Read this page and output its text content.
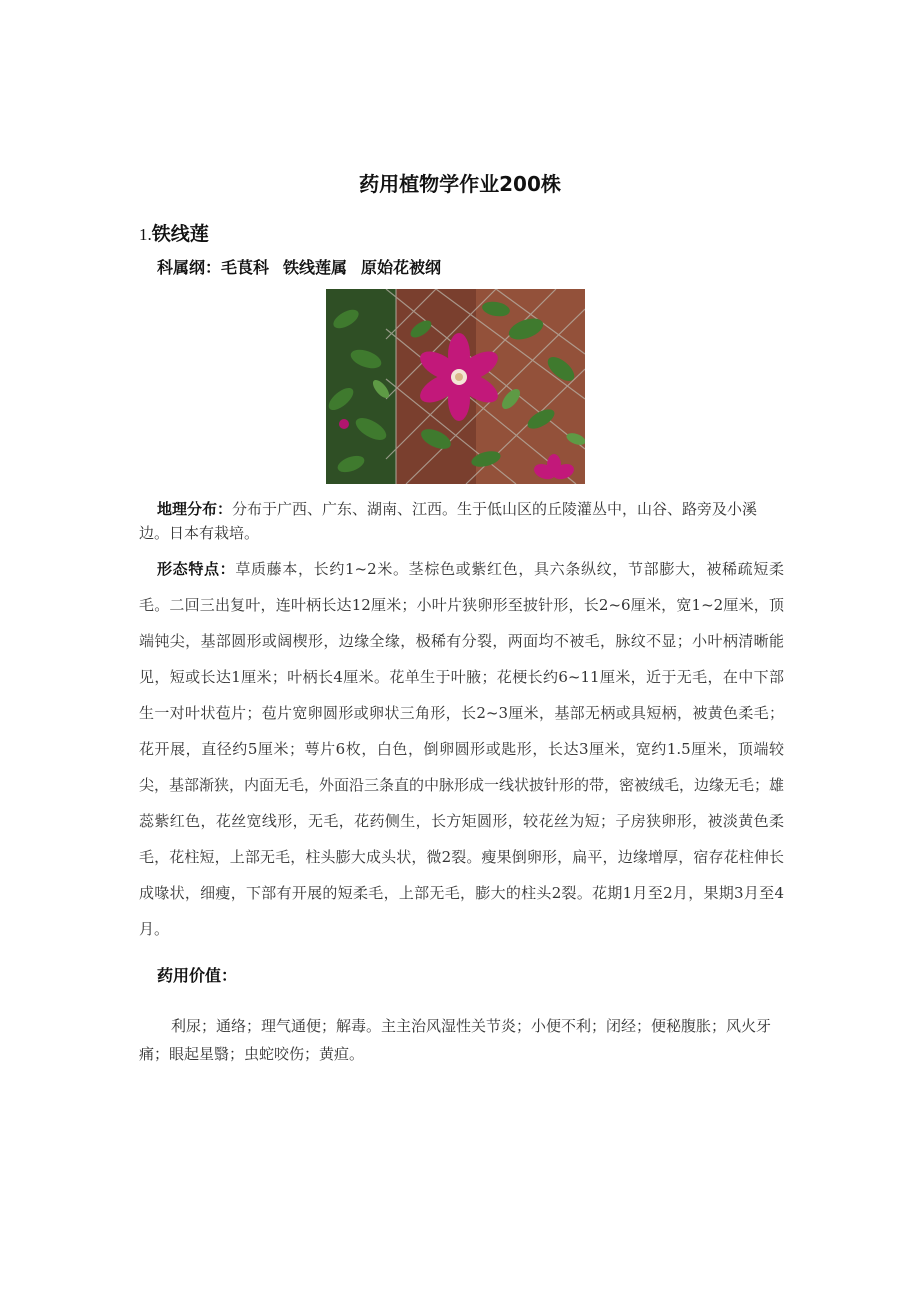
药用植物学作业200株
1.铁线莲
科属纲：毛茛科 铁线莲属 原始花被纲

地理分布：分布于广西、广东、湖南、江西。生于低山区的丘陵灌丛中，山谷、路旁及小溪边。日本有栽培。

形态特点：草质藤本，长约1~2米。茎棕色或紫红色，具六条纵纹，节部膨大，被稀疏短柔毛。二回三出复叶，连叶柄长达12厘米；小叶片狭卵形至披针形，长2~6厘米，宽1~2厘米，顶端钝尖，基部圆形或阔楔形，边缘全缘，极稀有分裂，两面均不被毛，脉纹不显；小叶柄清晰能见，短或长达1厘米；叶柄长4厘米。花单生于叶腋；花梗长约6~11厘米，近于无毛，在中下部生一对叶状苞片；苞片宽卵圆形或卵状三角形，长2~3厘米，基部无柄或具短柄，被黄色柔毛；花开展，直径约5厘米；萼片6枚，白色，倒卵圆形或匙形，长达3厘米，宽约1.5厘米，顶端较尖，基部渐狭，内面无毛，外面沿三条直的中脉形成一线状披针形的带，密被绒毛，边缘无毛；雄蕊紫红色，花丝宽线形，无毛，花药侧生，长方矩圆形，较花丝为短；子房狭卵形，被淡黄色柔毛，花柱短，上部无毛，柱头膨大成头状，微2裂。瘦果倒卵形，扁平，边缘增厚，宿存花柱伸长成喙状，细瘦，下部有开展的短柔毛，上部无毛，膨大的柱头2裂。花期1月至2月，果期3月至4月。

药用价值：

利尿；通络；理气通便；解毒。主主治风湿性关节炎；小便不利；闭经；便秘腹胀；风火牙痛；眼起星翳；虫蛇咬伤；黄疸。
